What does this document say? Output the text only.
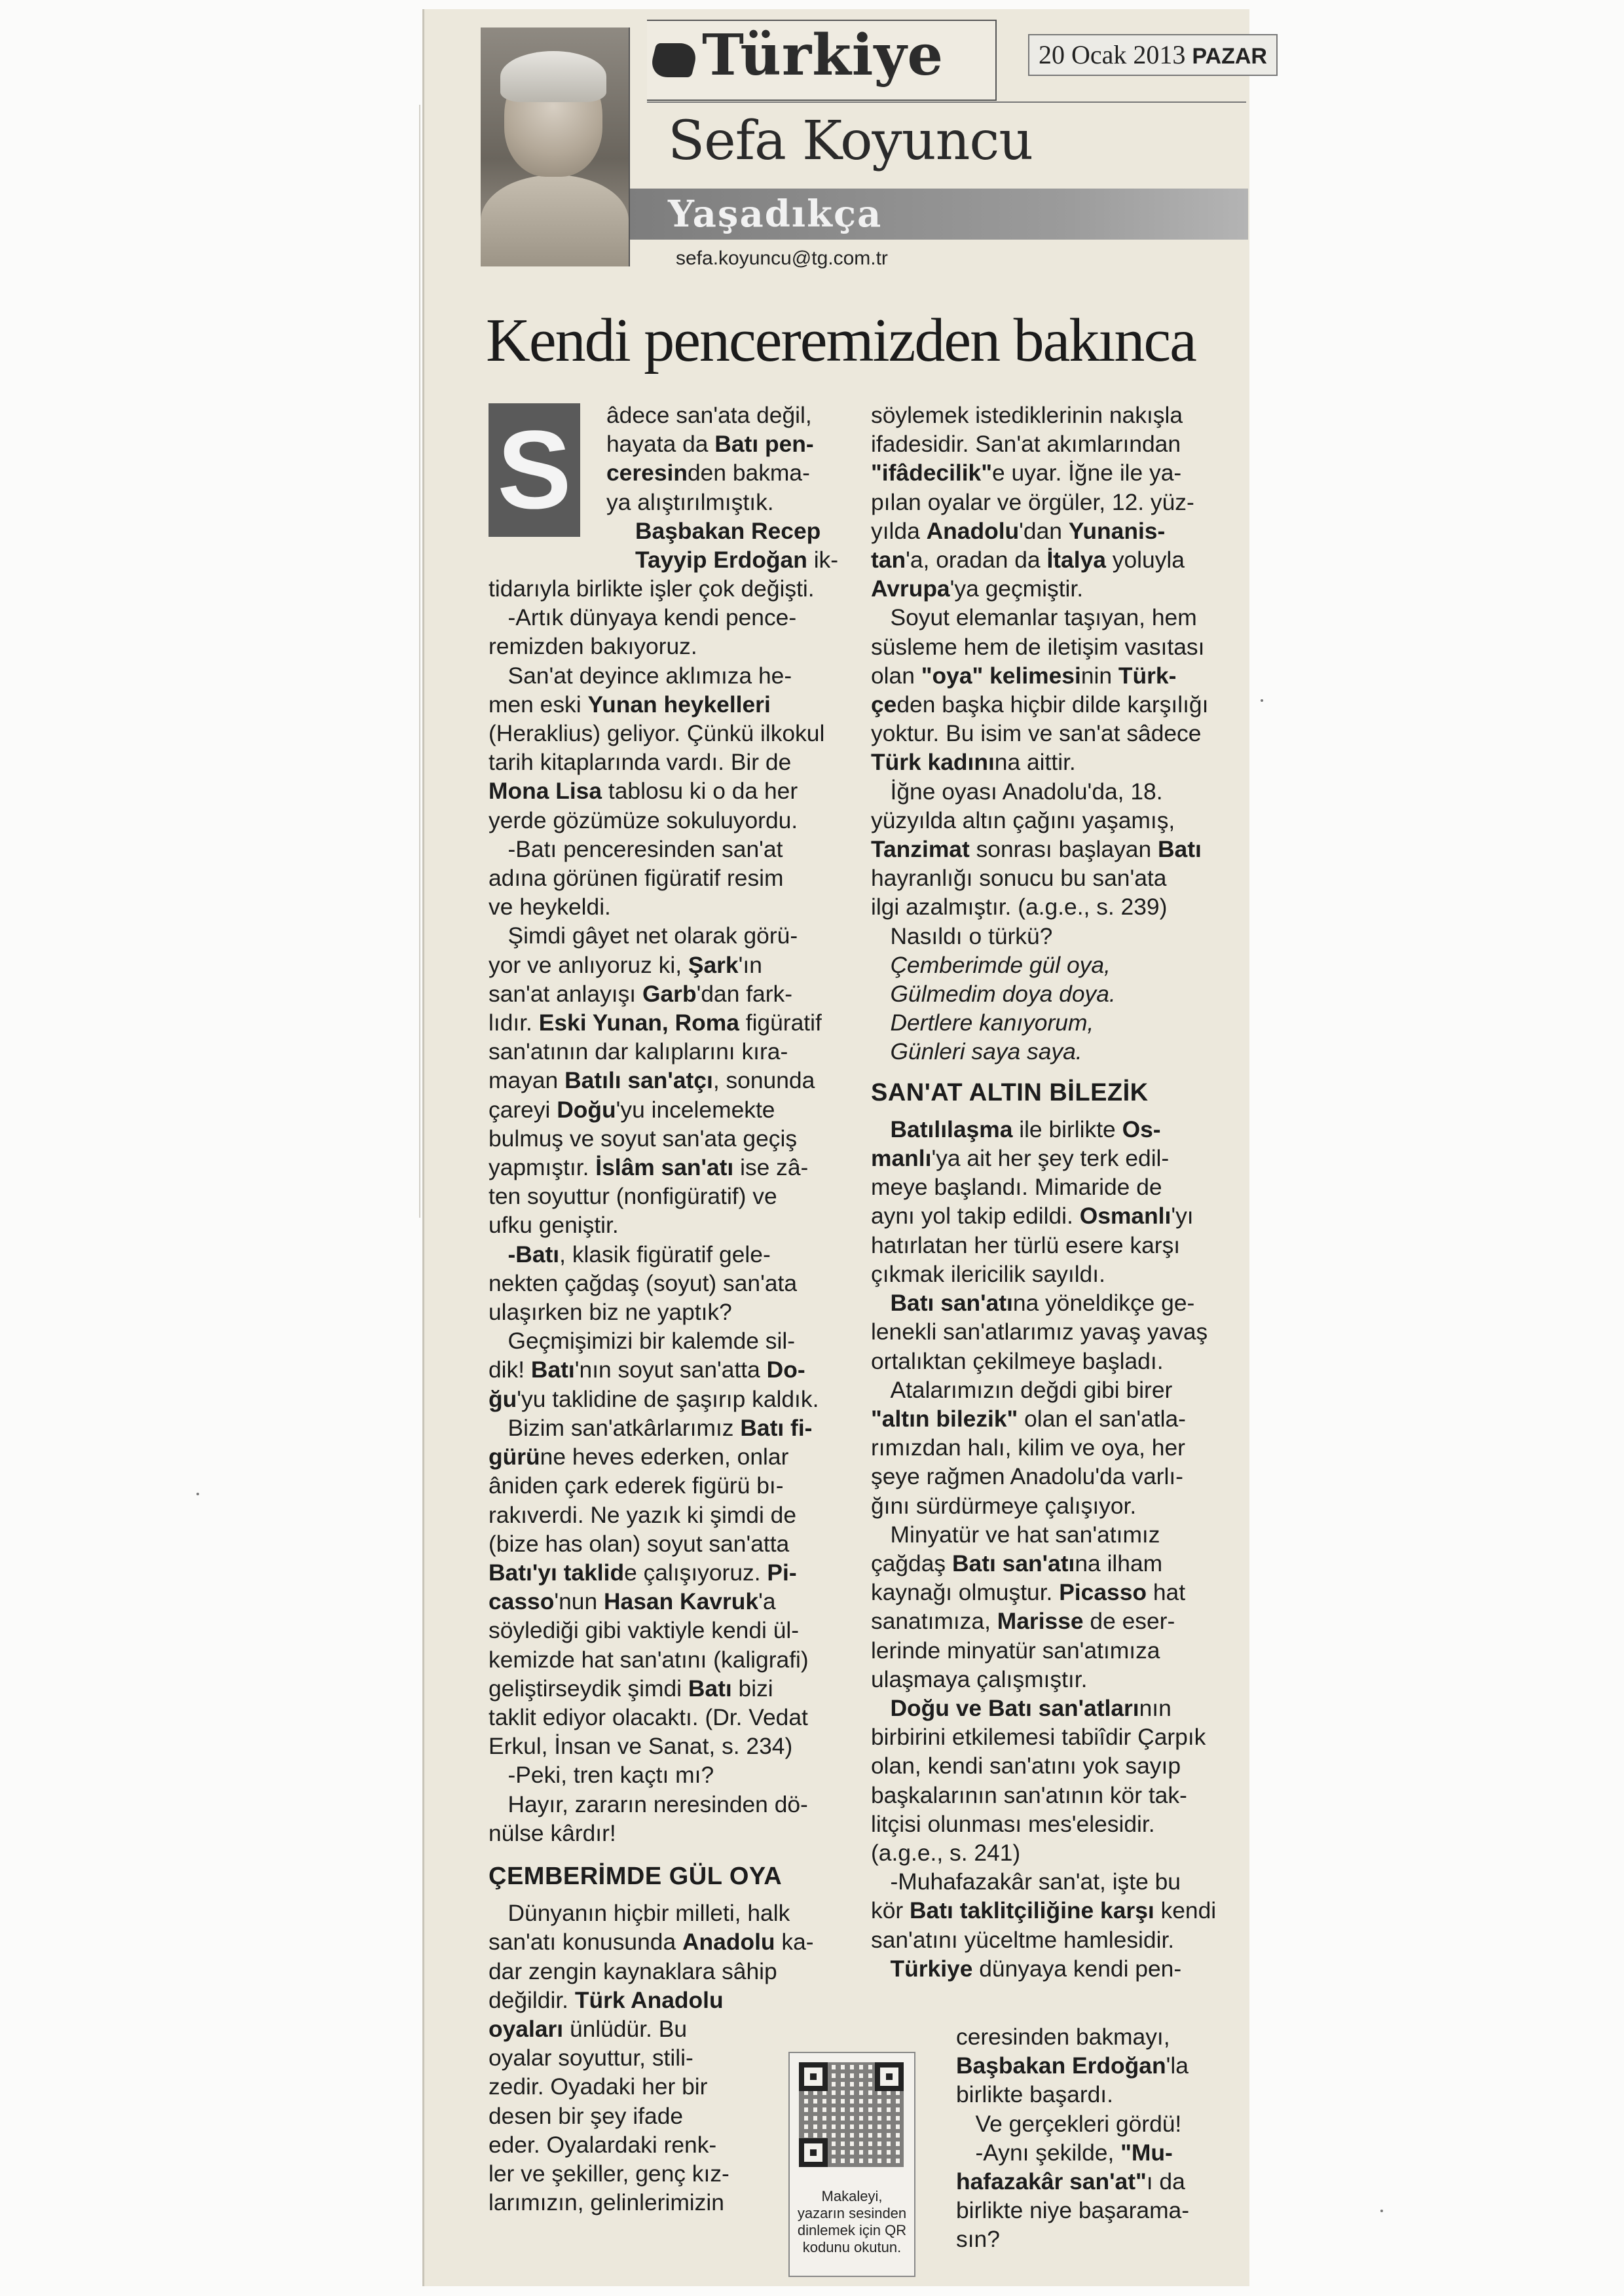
Türkiye	20 Ocak 2013 PAZAR
Sefa Koyuncu
Yaşadıkça
sefa.koyuncu@tg.com.tr
Kendi penceremizden bakınca
S	âdece san'at⁠a değil,

hayata da Batı pen-

ceresinden bakma-

ya alıştırılmıştık.

Başbakan Recep

Tayyip Erdoğan ik-

tidarıyla birlikte işler çok değişti.

-Artık dünyaya kendi pence-

remizden bakıyoruz.

San'at deyince aklımıza he-

men eski Yunan heykelleri

(Heraklius) geliyor. Çünkü ilkokul

tarih kitaplarında vardı. Bir de

Mona Lisa tablosu ki o da her

yerde gözümüze sokuluyordu.

-Batı penceresinden san'at

adına görünen figüratif resim

ve heykeldi.

Şimdi gâyet net olarak görü-

yor ve anlıyoruz ki, Şark'ın

san'at anlayışı Garb'dan fark-

lıdır. Eski Yunan, Roma figüratif

san'atının dar kalıplarını kıra-

mayan Batılı san'atçı, sonunda

çareyi Doğu'yu incelemekte

bulmuş ve soyut san'ata geçiş

yapmıştır. İslâm san'atı ise zâ-

ten soyuttur (nonfigüratif) ve

ufku geniştir.

-Batı, klasik figüratif gele-

nekten çağdaş (soyut) san'ata

ulaşırken biz ne yaptık?

Geçmişimizi bir kalemde sil-

dik! Batı'nın soyut san'atta Do-

ğu'yu taklidine de şaşırıp kaldık.

Bizim san'atkârlarımız Batı fi-

gürüne heves ederken, onlar

âniden çark ederek figürü bı-

rakıverdi. Ne yazık ki şimdi de

(bize has olan) soyut san'atta

Batı'yı taklide çalışıyoruz. Pi-

casso'nun Hasan Kavruk'a

söylediği gibi vaktiyle kendi ül-

kemizde hat san'atını (kaligrafi)

geliştirseydik şimdi Batı bizi

taklit ediyor olacaktı. (Dr. Vedat

Erkul, İnsan ve Sanat, s. 234)

-Peki, tren kaçtı mı?

Hayır, zararın neresinden dö-

nülse kârdır!

ÇEMBERİMDE GÜL OYA

Dünyanın hiçbir milleti, halk

san'atı konusunda Anadolu ka-

dar zengin kaynaklara sâhip

değildir. Türk Anadolu

oyaları ünlüdür. Bu

oyalar soyuttur, stili-

zedir. Oyadaki her bir

desen bir şey ifade

eder. Oyalardaki renk-

ler ve şekiller, genç kız-

larımızın, gelinlerimizin

söylemek istediklerinin nakışla

ifadesidir. San'at akımlarından

"ifâdecilik"e uyar. İğne ile ya-

pılan oyalar ve örgüler, 12. yüz-

yılda Anadolu'dan Yunanis-

tan'a, oradan da İtalya yoluyla

Avrupa'ya geçmiştir.

Soyut elemanlar taşıyan, hem

süsleme hem de iletişim vasıtası

olan "oya" kelimesinin Türk-

çeden başka hiçbir dilde karşılığı

yoktur. Bu isim ve san'at sâdece

Türk kadınına aittir.

İğne oyası Anadolu'da, 18.

yüzyılda altın çağını yaşamış,

Tanzimat sonrası başlayan Batı

hayranlığı sonucu bu san'ata

ilgi azalmıştır. (a.g.e., s. 239)

Nasıldı o türkü?

Çemberimde gül oya,

Gülmedim doya doya.

Dertlere kanıyorum,

Günleri saya saya.

SAN'AT ALTIN BİLEZİK

Batılılaşma ile birlikte Os-

manlı'ya ait her şey terk edil-

meye başlandı. Mimaride de

aynı yol takip edildi. Osmanlı'yı

hatırlatan her türlü esere karşı

çıkmak ilericilik sayıldı.

Batı san'atına yöneldikçe ge-

lenekli san'atlarımız yavaş yavaş

ortalıktan çekilmeye başladı.

Atalarımızın değdi gibi birer

"altın bilezik" olan el san'atla-

rımızdan halı, kilim ve oya, her

şeye rağmen Anadolu'da varlı-

ğını sürdürmeye çalışıyor.

Minyatür ve hat san'atımız

çağdaş Batı san'atına ilham

kaynağı olmuştur. Picasso hat

sanatımıza, Marisse de eser-

lerinde minyatür san'atımıza

ulaşmaya çalışmıştır.

Doğu ve Batı san'atlarının

birbirini etkilemesi tabiîdir Çarpık

olan, kendi san'atını yok sayıp

başkalarının san'atının kör tak-

litçisi olunması mes'elesidir.

(a.g.e., s. 241)

-Muhafazakâr san'at, işte bu

kör Batı taklitçiliğine karşı kendi

san'atını yüceltme hamlesidir.

Türkiye dünyaya kendi pen-

ceresinden bakmayı,

Başbakan Erdoğan'la

birlikte başardı.

Ve gerçekleri gördü!

-Aynı şekilde, "Mu-

hafazakâr san'at"ı da

birlikte niye başarama-

sın?

Makaleyi,
yazarın sesinden
dinlemek için QR
kodunu okutun.
